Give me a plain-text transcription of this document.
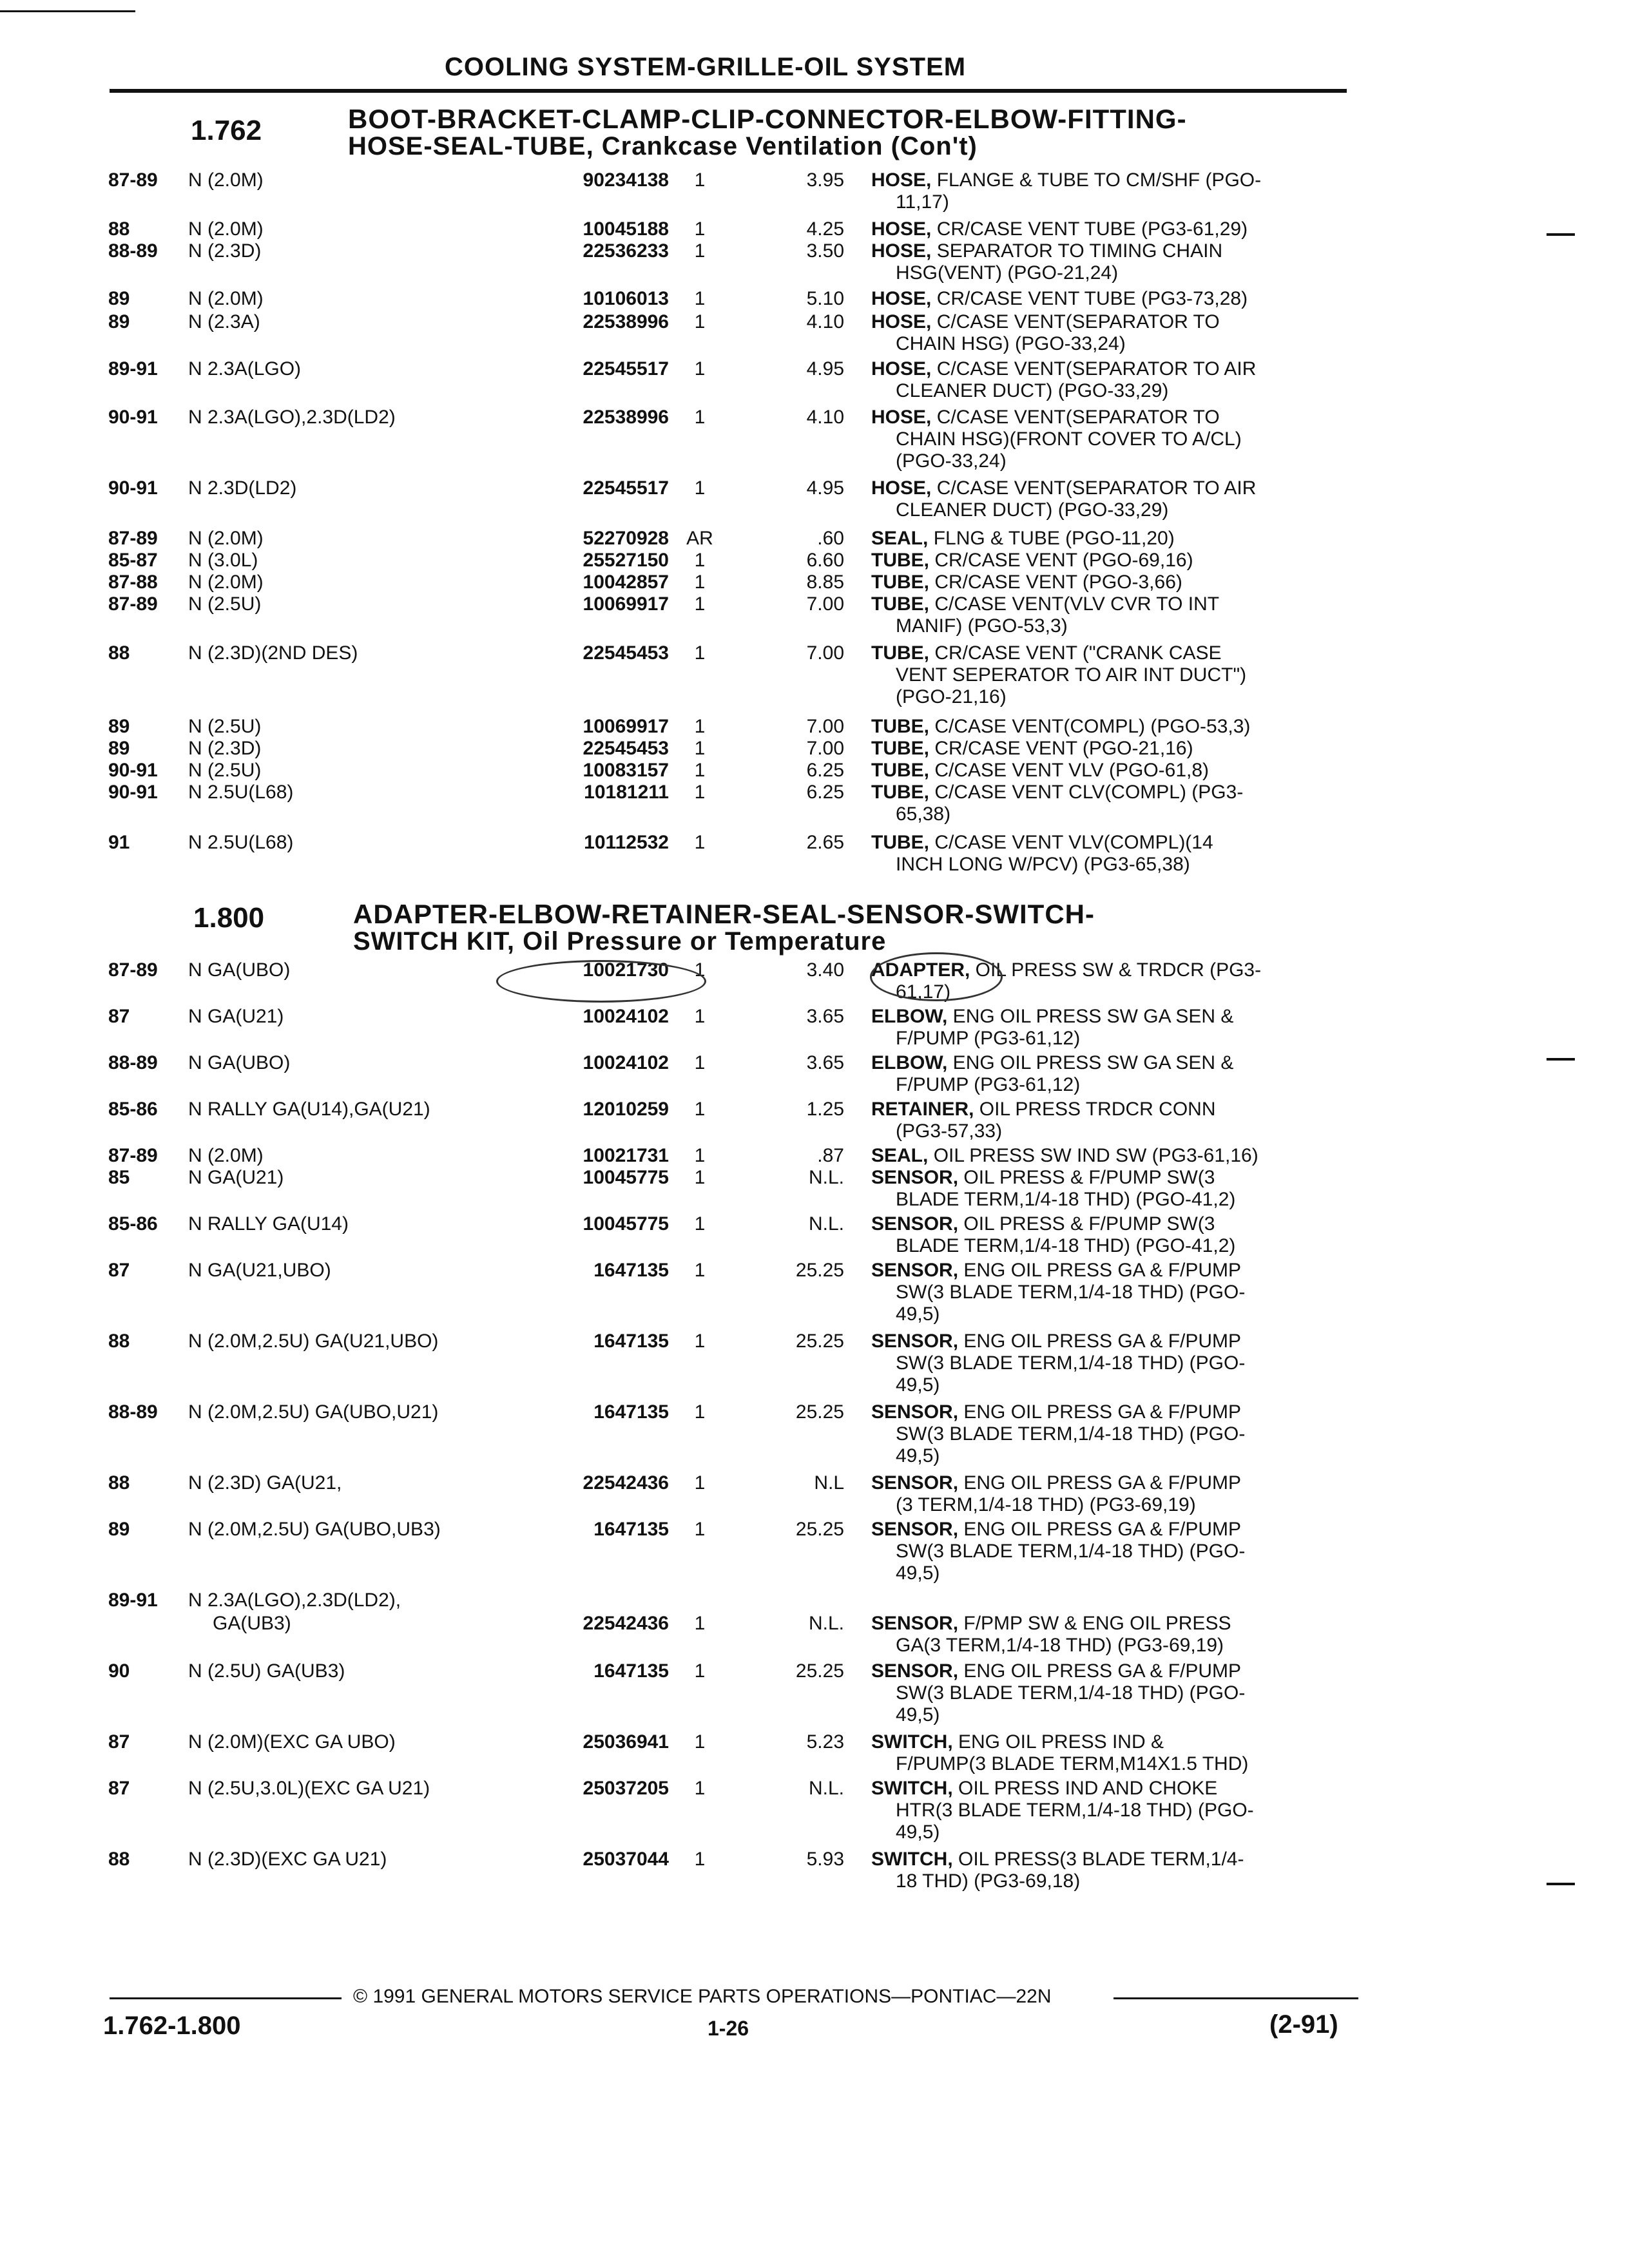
COOLING SYSTEM-GRILLE-OIL SYSTEM
1.762	BOOT-BRACKET-CLAMP-CLIP-CONNECTOR-ELBOW-FITTING-
HOSE-SEAL-TUBE, Crankcase Ventilation (Con't)
1.800	ADAPTER-ELBOW-RETAINER-SEAL-SENSOR-SWITCH-
SWITCH KIT, Oil Pressure or Temperature
87-89 N (2.0M)	90234138	1	3.95 HOSE, FLANGE & TUBE TO CM/SHF (PGO-
11,17)
88	N (2.0M)	10045188	1	4.25 HOSE, CR/CASE VENT TUBE (PG3-61,29)
88-89 N (2.3D)	22536233	1	3.50 HOSE, SEPARATOR TO TIMING CHAIN
HSG(VENT) (PGO-21,24)
89	N (2.0M)	10106013	1	5.10 HOSE, CR/CASE VENT TUBE (PG3-73,28)
89	N (2.3A)	22538996	1	4.10 HOSE, C/CASE VENT(SEPARATOR TO
CHAIN HSG) (PGO-33,24)
89-91 N 2.3A(LGO)	22545517	1	4.95 HOSE, C/CASE VENT(SEPARATOR TO AIR
CLEANER DUCT) (PGO-33,29)
90-91 N 2.3A(LGO),2.3D(LD2)	22538996	1	4.10 HOSE, C/CASE VENT(SEPARATOR TO
CHAIN HSG)(FRONT COVER TO A/CL)
(PGO-33,24)
90-91 N 2.3D(LD2)	22545517	1	4.95 HOSE, C/CASE VENT(SEPARATOR TO AIR
CLEANER DUCT) (PGO-33,29)
87-89 N (2.0M)	52270928 AR	.60 SEAL, FLNG & TUBE (PGO-11,20)
85-87 N (3.0L)	25527150	1	6.60 TUBE, CR/CASE VENT (PGO-69,16)
87-88 N (2.0M)	10042857	1	8.85 TUBE, CR/CASE VENT (PGO-3,66)
87-89 N (2.5U)	10069917	1	7.00 TUBE, C/CASE VENT(VLV CVR TO INT
MANIF) (PGO-53,3)
88	N (2.3D)(2ND DES)	22545453	1	7.00 TUBE, CR/CASE VENT ("CRANK CASE
VENT SEPERATOR TO AIR INT DUCT")
(PGO-21,16)
89	N (2.5U)	10069917	1	7.00 TUBE, C/CASE VENT(COMPL) (PGO-53,3)
89	N (2.3D)	22545453	1	7.00 TUBE, CR/CASE VENT (PGO-21,16)
90-91 N (2.5U)	10083157	1	6.25 TUBE, C/CASE VENT VLV (PGO-61,8)
90-91 N 2.5U(L68)	10181211	1	6.25 TUBE, C/CASE VENT CLV(COMPL) (PG3-
65,38)
91	N 2.5U(L68)	10112532	1	2.65 TUBE, C/CASE VENT VLV(COMPL)(14
INCH LONG W/PCV) (PG3-65,38)
87-89 N GA(UBO)	10021730	1	3.40 ADAPTER, OIL PRESS SW & TRDCR (PG3-
61,17)
87	N GA(U21)	10024102	1	3.65 ELBOW, ENG OIL PRESS SW GA SEN &
F/PUMP (PG3-61,12)
88-89 N GA(UBO)	10024102	1	3.65 ELBOW, ENG OIL PRESS SW GA SEN &
F/PUMP (PG3-61,12)
85-86 N RALLY GA(U14),GA(U21)	12010259	1	1.25 RETAINER, OIL PRESS TRDCR CONN
(PG3-57,33)
87-89 N (2.0M)	10021731	1	.87 SEAL, OIL PRESS SW IND SW (PG3-61,16)
85	N GA(U21)	10045775	1	N.L. SENSOR, OIL PRESS & F/PUMP SW(3
BLADE TERM,1/4-18 THD) (PGO-41,2)
85-86 N RALLY GA(U14)	10045775	1	N.L. SENSOR, OIL PRESS & F/PUMP SW(3
BLADE TERM,1/4-18 THD) (PGO-41,2)
87	N GA(U21,UBO)	1647135	1	25.25 SENSOR, ENG OIL PRESS GA & F/PUMP
SW(3 BLADE TERM,1/4-18 THD) (PGO-
49,5)
88	N (2.0M,2.5U) GA(U21,UBO)	1647135	1	25.25 SENSOR, ENG OIL PRESS GA & F/PUMP
SW(3 BLADE TERM,1/4-18 THD) (PGO-
49,5)
88-89 N (2.0M,2.5U) GA(UBO,U21)	1647135	1	25.25 SENSOR, ENG OIL PRESS GA & F/PUMP
SW(3 BLADE TERM,1/4-18 THD) (PGO-
49,5)
88	N (2.3D) GA(U21,	22542436	1	N.L SENSOR, ENG OIL PRESS GA & F/PUMP
(3 TERM,1/4-18 THD) (PG3-69,19)
89	N (2.0M,2.5U) GA(UBO,UB3)	1647135	1	25.25 SENSOR, ENG OIL PRESS GA & F/PUMP
SW(3 BLADE TERM,1/4-18 THD) (PGO-
49,5)
89-91 N 2.3A(LGO),2.3D(LD2),
GA(UB3)	22542436	1	N.L. SENSOR, F/PMP SW & ENG OIL PRESS
GA(3 TERM,1/4-18 THD) (PG3-69,19)
90	N (2.5U) GA(UB3)	1647135	1	25.25 SENSOR, ENG OIL PRESS GA & F/PUMP
SW(3 BLADE TERM,1/4-18 THD) (PGO-
49,5)
87	N (2.0M)(EXC GA UBO)	25036941	1	5.23 SWITCH, ENG OIL PRESS IND &
F/PUMP(3 BLADE TERM,M14X1.5 THD)
87	N (2.5U,3.0L)(EXC GA U21)	25037205	1	N.L. SWITCH, OIL PRESS IND AND CHOKE
HTR(3 BLADE TERM,1/4-18 THD) (PGO-
49,5)
88	N (2.3D)(EXC GA U21)	25037044	1	5.93 SWITCH, OIL PRESS(3 BLADE TERM,1/4-
18 THD) (PG3-69,18)
© 1991 GENERAL MOTORS SERVICE PARTS OPERATIONS—PONTIAC—22N
1.762-1.800	1-26	(2-91)
